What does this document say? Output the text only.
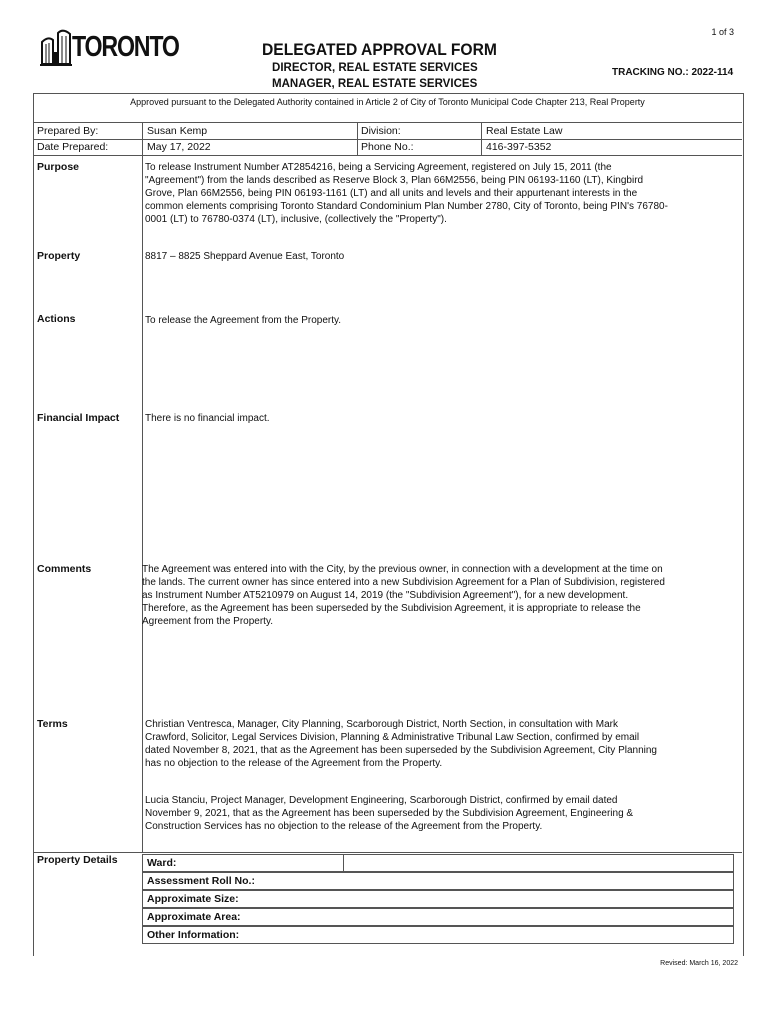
1 of 3
TORONTO	DELEGATED APPROVAL FORM
DIRECTOR, REAL ESTATE SERVICES
MANAGER, REAL ESTATE SERVICES
TRACKING NO.: 2022-114
Approved pursuant to the Delegated Authority contained in Article 2 of City of Toronto Municipal Code Chapter 213, Real Property
Prepared By:	Susan Kemp	Division:	Real Estate Law
Date Prepared:	May 17, 2022	Phone No.:	416-397-5352
Purpose	To release Instrument Number AT2854216, being a Servicing Agreement, registered on July 15, 2011 (the
"Agreement") from the lands described as Reserve Block 3, Plan 66M2556, being PIN 06193-1160 (LT), Kingbird
Grove, Plan 66M2556, being PIN 06193-1161 (LT) and all units and levels and their appurtenant interests in the
common elements comprising Toronto Standard Condominium Plan Number 2780, City of Toronto, being PIN's 76780-
0001 (LT) to 76780-0374 (LT), inclusive, (collectively the "Property").
Property	8817 – 8825 Sheppard Avenue East, Toronto
Actions	To release the Agreement from the Property.
Financial Impact	There is no financial impact.
Comments	The Agreement was entered into with the City, by the previous owner, in connection with a development at the time on
the lands. The current owner has since entered into a new Subdivision Agreement for a Plan of Subdivision, registered
as Instrument Number AT5210979 on August 14, 2019 (the "Subdivision Agreement"), for a new development.
Therefore, as the Agreement has been superseded by the Subdivision Agreement, it is appropriate to release the
Agreement from the Property.
Terms	Christian Ventresca, Manager, City Planning, Scarborough District, North Section, in consultation with Mark
Crawford, Solicitor, Legal Services Division, Planning & Administrative Tribunal Law Section, confirmed by email
dated November 8, 2021, that as the Agreement has been superseded by the Subdivision Agreement, City Planning
has no objection to the release of the Agreement from the Property.
Lucia Stanciu, Project Manager, Development Engineering, Scarborough District, confirmed by email dated
November 9, 2021, that as the Agreement has been superseded by the Subdivision Agreement, Engineering &
Construction Services has no objection to the release of the Agreement from the Property.
Property Details	Ward:
Assessment Roll No.:
Approximate Size:
Approximate Area:
Other Information:
Revised: March 16, 2022
